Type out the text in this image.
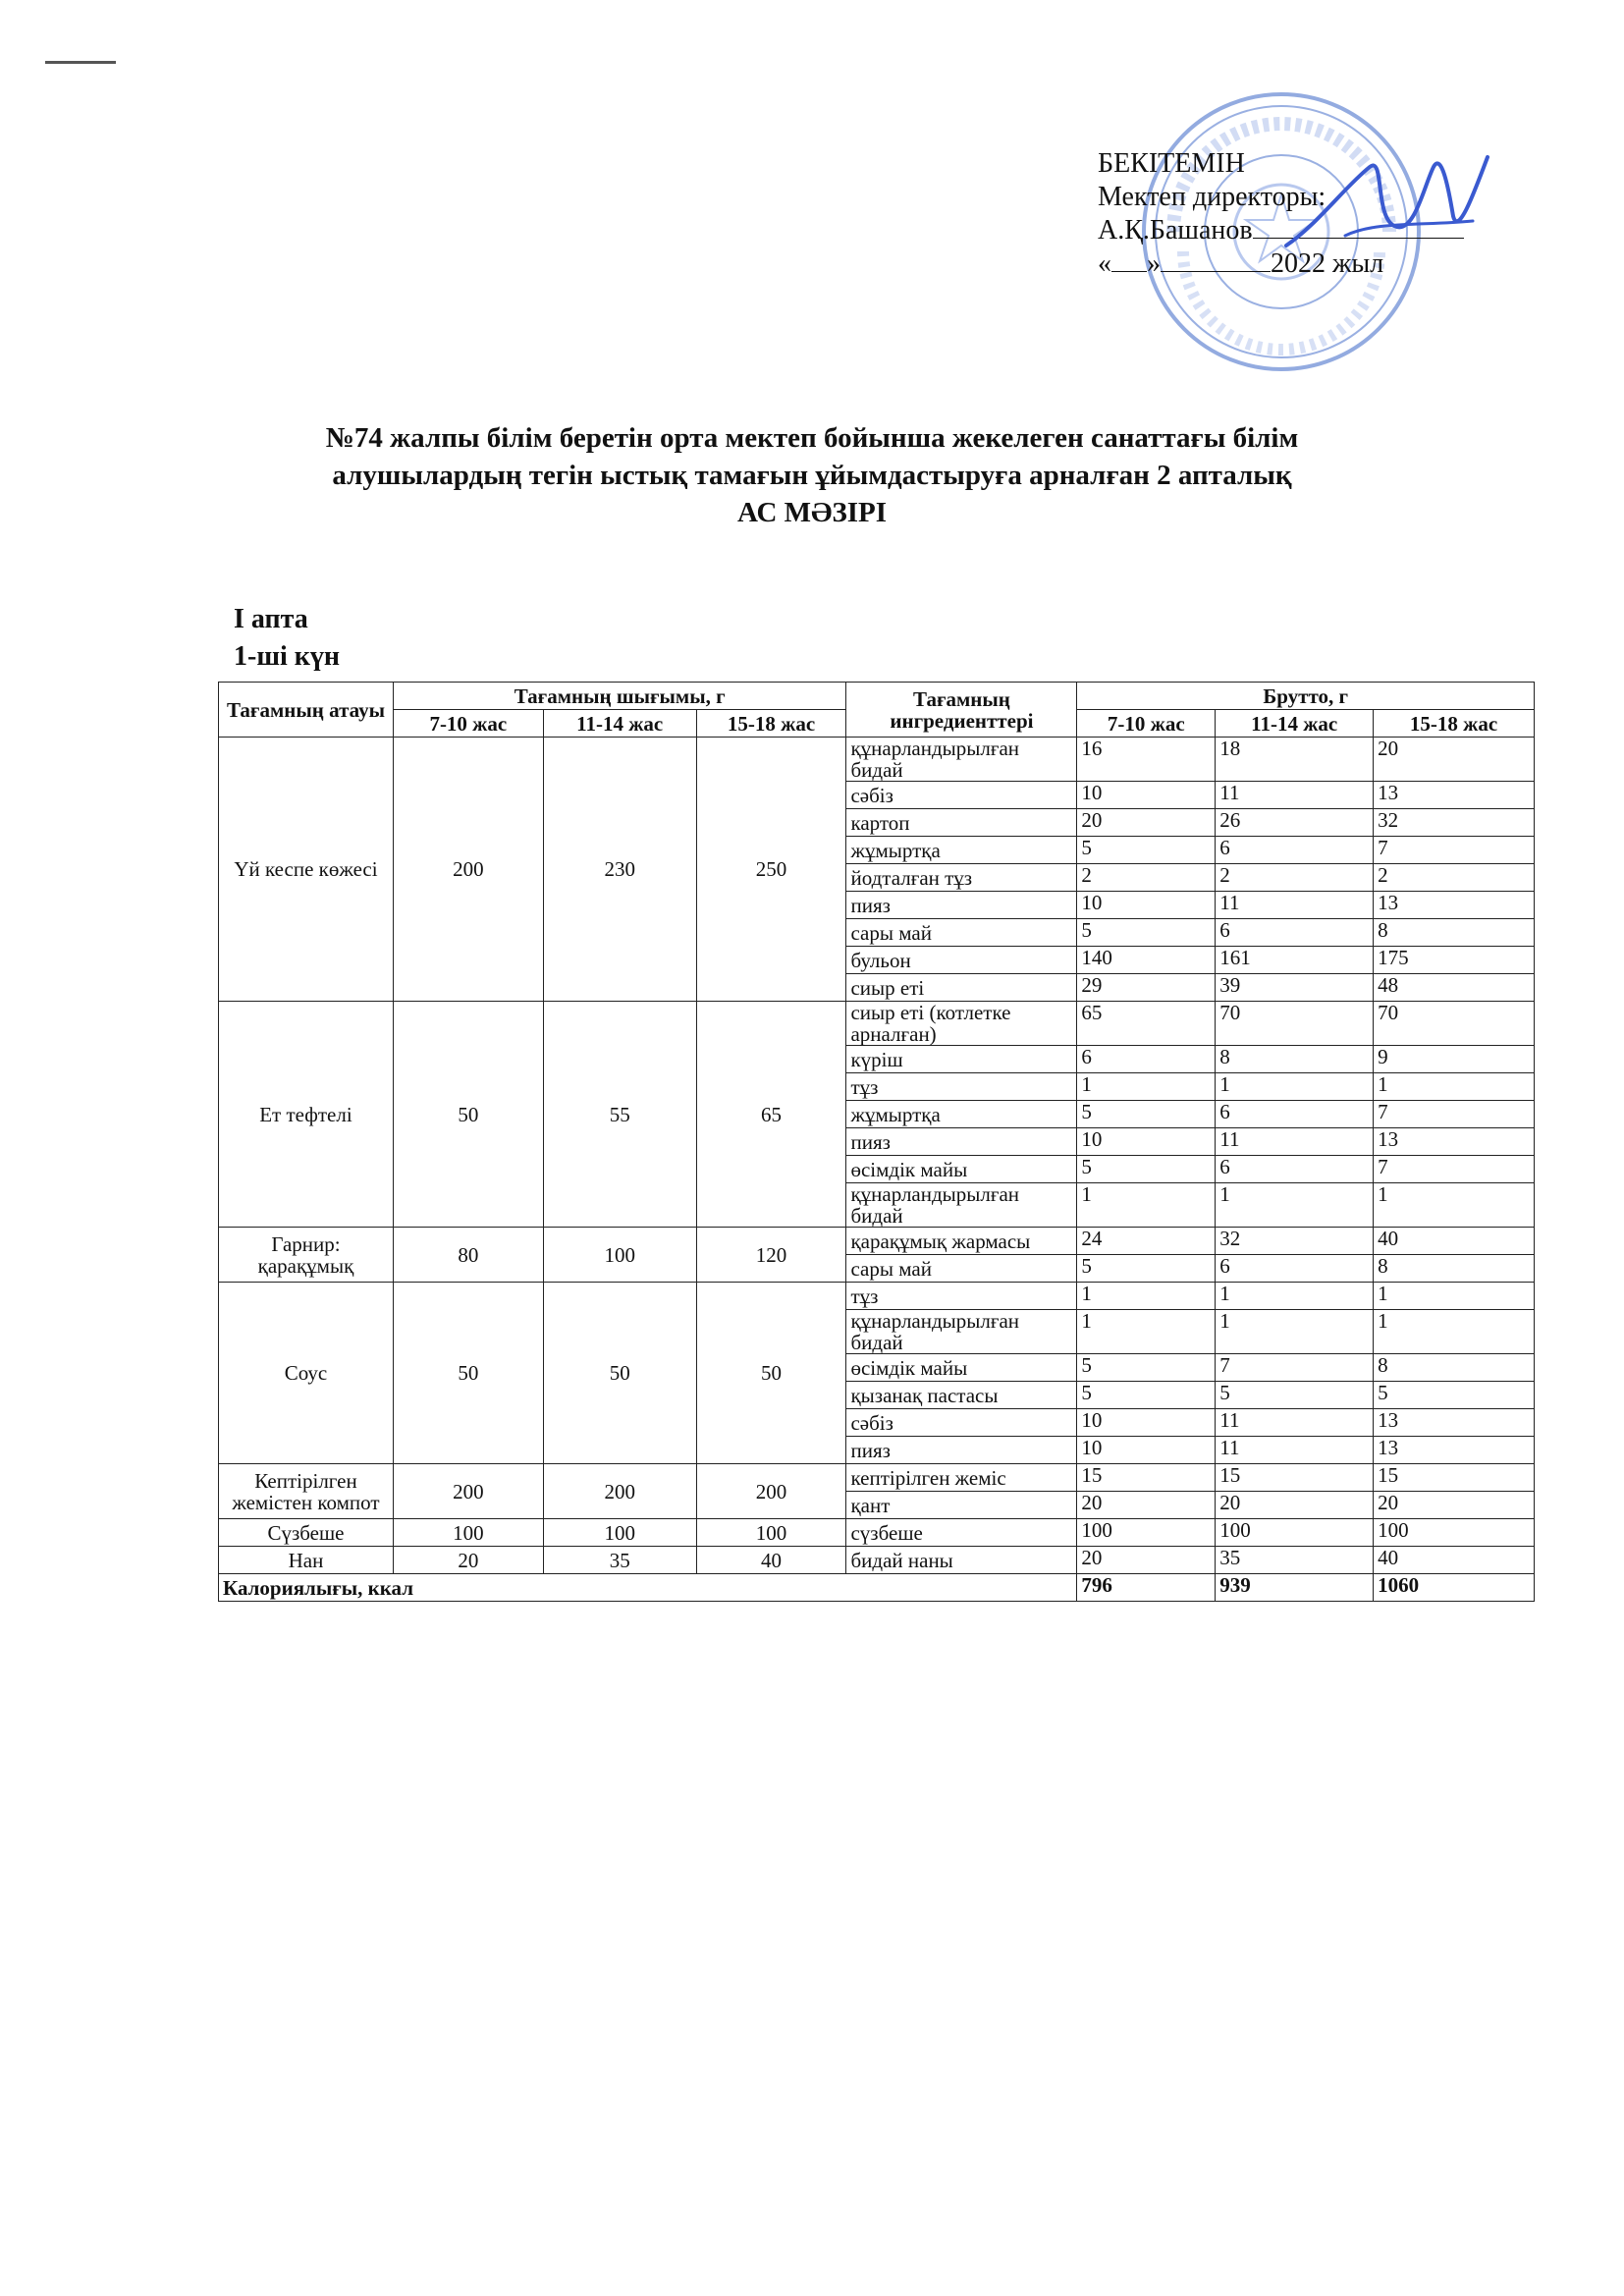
БЕКІТЕМІН
Мектеп директоры:
А.Қ.Башанов
« »	2022 жыл
№74 жалпы білім беретін орта мектеп бойынша жекелеген санаттағы білім
алушылардың тегін ыстық тамағын ұйымдастыруға арналған 2 апталық
АС МӘЗІРІ
I апта
1-ші күн
Тағамның атауы	Тағамның шығымы, г			Тағамның ингредиенттері	Брутто, г		
	7-10 жас	11-14 жас	15-18 жас		7-10 жас	11-14 жас	15-18 жас
Үй кеспе көжесі	200	230	250	құнарландырылған бидай	16	18	20
				сәбіз	10	11	13
				картоп	20	26	32
				жұмыртқа	5	6	7
				йодталған тұз	2	2	2
				пияз	10	11	13
				сары май	5	6	8
				бульон	140	161	175
				сиыр еті	29	39	48
Ет тефтелі	50	55	65	сиыр еті (котлетке арналған)	65	70	70
				күріш	6	8	9
				тұз	1	1	1
				жұмыртқа	5	6	7
				пияз	10	11	13
				өсімдік майы	5	6	7
				құнарландырылған бидай	1	1	1
Гарнир: қарақұмық	80	100	120	қарақұмық жармасы	24	32	40
				сары май	5	6	8
Соус	50	50	50	тұз	1	1	1
				құнарландырылған бидай	1	1	1
				өсімдік майы	5	7	8
				қызанақ пастасы	5	5	5
				сәбіз	10	11	13
				пияз	10	11	13
Кептірілген жемістен компот	200	200	200	кептірілген жеміс	15	15	15
				қант	20	20	20
Сүзбеше	100	100	100	сүзбеше	100	100	100
Нан	20	35	40	бидай наны	20	35	40
Калориялығы, ккал					796	939	1060
